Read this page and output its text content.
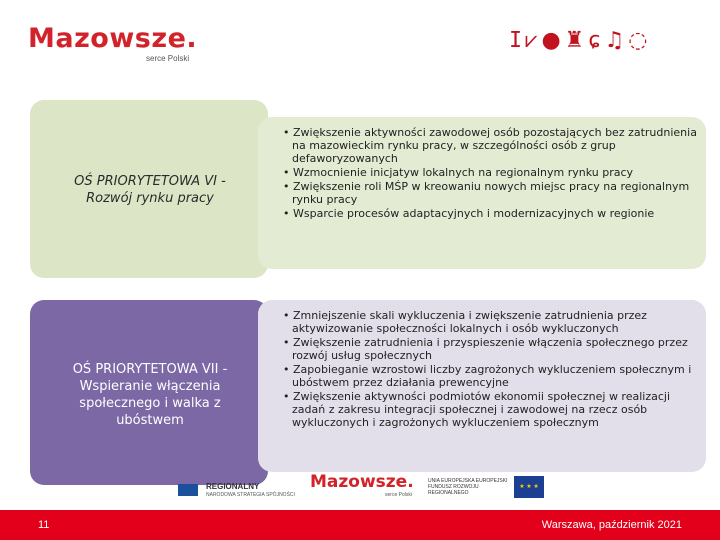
Mazowsze.
serce Polski
ⵊ⩗●♜ɕ♫◌
OŚ PRIORYTETOWA VI - Rozwój rynku pracy
• Zwiększenie aktywności zawodowej osób pozostających bez zatrudnienia na mazowieckim rynku pracy, w szczególności osób z grup defaworyzowanych
• Wzmocnienie inicjatyw lokalnych na regionalnym rynku pracy
• Zwiększenie roli MŚP w kreowaniu nowych miejsc pracy na regionalnym rynku pracy
• Wsparcie procesów adaptacyjnych i modernizacyjnych w regionie
OŚ PRIORYTETOWA VII - Wspieranie włączenia społecznego i walka z ubóstwem
• Zmniejszenie skali wykluczenia i zwiększenie zatrudnienia przez aktywizowanie społeczności lokalnych i osób wykluczonych
• Zwiększenie zatrudnienia i przyspieszenie włączenia społecznego przez rozwój usług społecznych
• Zapobieganie wzrostowi liczby zagrożonych wykluczeniem społecznym i ubóstwem przez działania prewencyjne
• Zwiększenie aktywności podmiotów ekonomii społecznej w realizacji zadań z zakresu integracji społecznej i zawodowej na rzecz osób wykluczonych i zagrożonych wykluczeniem społecznym
REGIONALNY
NARODOWA STRATEGIA SPÓJNOŚCI
Mazowsze.
serce Polski
UNIA EUROPEJSKA EUROPEJSKI FUNDUSZ ROZWOJU REGIONALNEGO
★ ★ ★
11	Warszawa, październik 2021
